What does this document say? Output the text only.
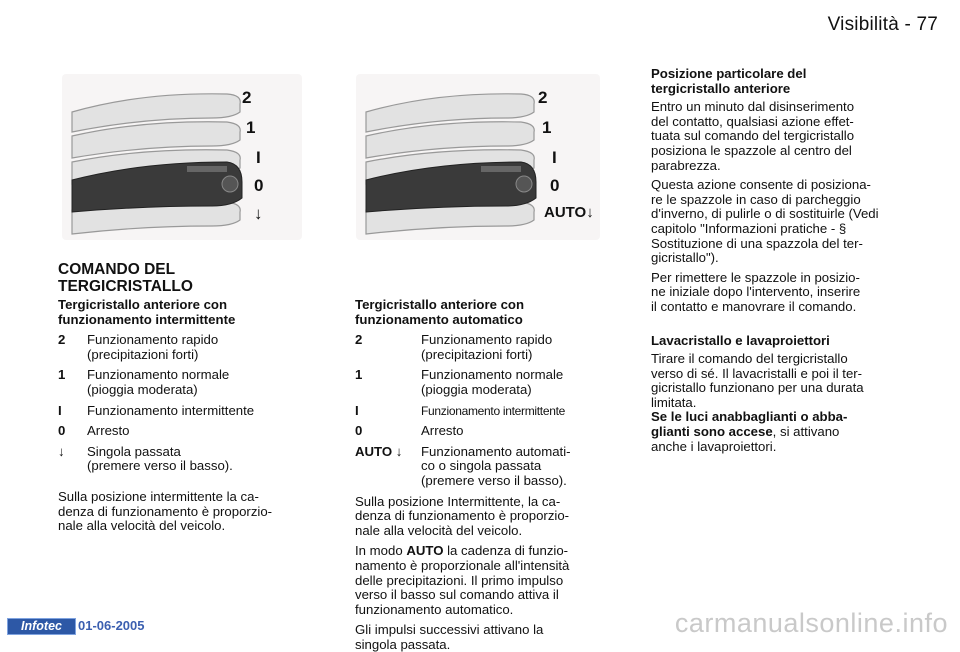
Visibilità - 77
2
1
I
0
↓
2
1
I
0
AUTO↓
COMANDO DEL
TERGICRISTALLO
Tergicristallo anteriore con
funzionamento intermittente
2	Funzionamento rapido
(precipitazioni forti)
1	Funzionamento normale
(pioggia moderata)
I	Funzionamento intermittente
0	Arresto
↓	Singola passata
(premere verso il basso).
Sulla posizione intermittente la ca-
denza di funzionamento è proporzio-
nale alla velocità del veicolo.
Tergicristallo anteriore con
funzionamento automatico
2	Funzionamento rapido
(precipitazioni forti)
1	Funzionamento normale
(pioggia moderata)
I	Funzionamento intermittente
0	Arresto
AUTO ↓	Funzionamento automati-
co o singola passata
(premere verso il basso).
Sulla posizione Intermittente, la ca-
denza di funzionamento è proporzio-
nale alla velocità del veicolo.
In modo AUTO la cadenza di funzio-
namento è proporzionale all'intensità
delle precipitazioni. Il primo impulso
verso il basso sul comando attiva il
funzionamento automatico.
Gli impulsi successivi attivano la
singola passata.
Posizione particolare del
tergicristallo anteriore
Entro un minuto dal disinserimento
del contatto, qualsiasi azione effet-
tuata sul comando del tergicristallo
posiziona le spazzole al centro del
parabrezza.
Questa azione consente di posiziona-
re le spazzole in caso di parcheggio
d'inverno, di pulirle o di sostituirle (Vedi
capitolo "Informazioni pratiche - §
Sostituzione di una spazzola del ter-
gicristallo").
Per rimettere le spazzole in posizio-
ne iniziale dopo l'intervento, inserire
il contatto e manovrare il comando.
Lavacristallo e lavaproiettori
Tirare il comando del tergicristallo
verso di sé. Il lavacristalli e poi il ter-
gicristallo funzionano per una durata
limitata.
Se le luci anabbaglianti o abba-
glianti sono accese, si attivano
anche i lavaproiettori.
Infotec	01-06-2005	carmanualsonline.info
